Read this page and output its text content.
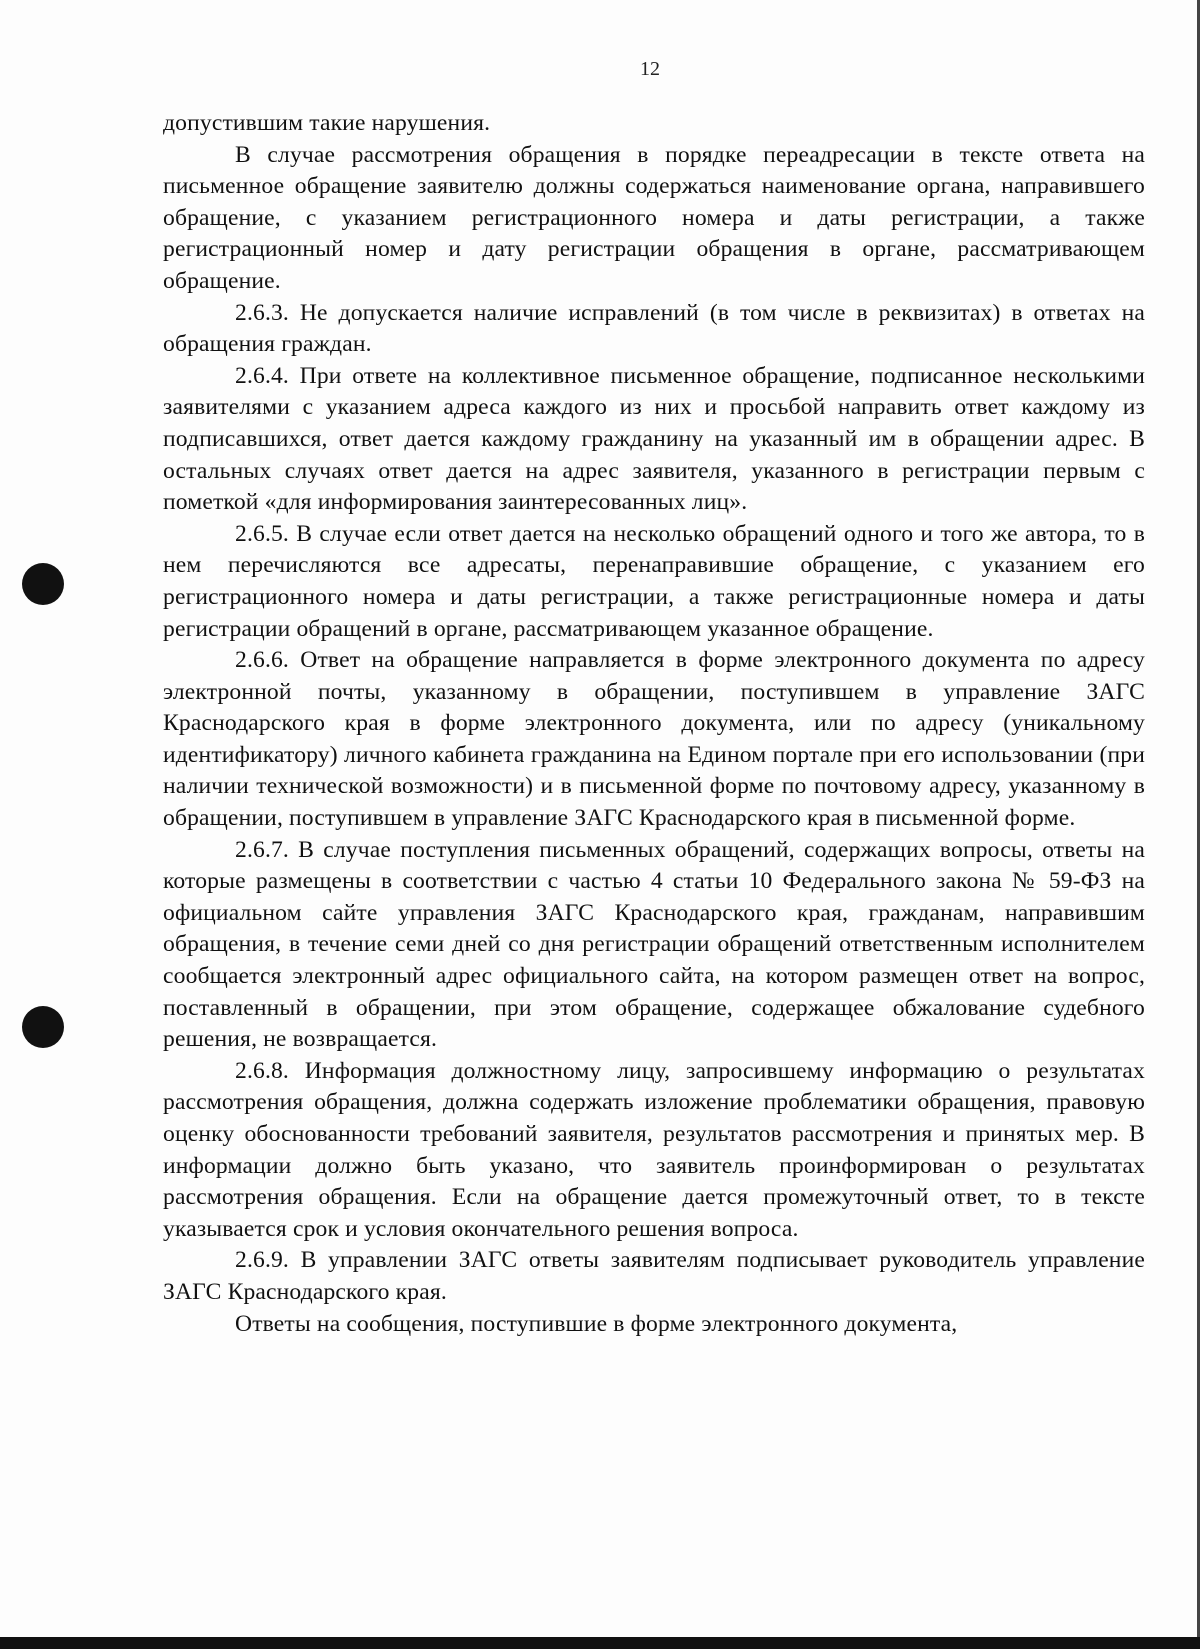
12

допустившим такие нарушения.

В случае рассмотрения обращения в порядке переадресации в тексте ответа на письменное обращение заявителю должны содержаться наименование органа, направившего обращение, с указанием регистрационного номера и даты регистрации, а также регистрационный номер и дату регистрации обращения в органе, рассматривающем обращение.

2.6.3. Не допускается наличие исправлений (в том числе в реквизитах) в ответах на обращения граждан.

2.6.4. При ответе на коллективное письменное обращение, подписанное несколькими заявителями с указанием адреса каждого из них и просьбой направить ответ каждому из подписавшихся, ответ дается каждому гражданину на указанный им в обращении адрес. В остальных случаях ответ дается на адрес заявителя, указанного в регистрации первым с пометкой «для информирования заинтересованных лиц».

2.6.5. В случае если ответ дается на несколько обращений одного и того же автора, то в нем перечисляются все адресаты, перенаправившие обращение, с указанием его регистрационного номера и даты регистрации, а также регистрационные номера и даты регистрации обращений в органе, рассматривающем указанное обращение.

2.6.6. Ответ на обращение направляется в форме электронного документа по адресу электронной почты, указанному в обращении, поступившем в управление ЗАГС Краснодарского края в форме электронного документа, или по адресу (уникальному идентификатору) личного кабинета гражданина на Едином портале при его использовании (при наличии технической возможности) и в письменной форме по почтовому адресу, указанному в обращении, поступившем в управление ЗАГС Краснодарского края в письменной форме.

2.6.7. В случае поступления письменных обращений, содержащих вопросы, ответы на которые размещены в соответствии с частью 4 статьи 10 Федерального закона № 59-ФЗ на официальном сайте управления ЗАГС Краснодарского края, гражданам, направившим обращения, в течение семи дней со дня регистрации обращений ответственным исполнителем сообщается электронный адрес официального сайта, на котором размещен ответ на вопрос, поставленный в обращении, при этом обращение, содержащее обжалование судебного решения, не возвращается.

2.6.8. Информация должностному лицу, запросившему информацию о результатах рассмотрения обращения, должна содержать изложение проблематики обращения, правовую оценку обоснованности требований заявителя, результатов рассмотрения и принятых мер. В информации должно быть указано, что заявитель проинформирован о результатах рассмотрения обращения. Если на обращение дается промежуточный ответ, то в тексте указывается срок и условия окончательного решения вопроса.

2.6.9. В управлении ЗАГС ответы заявителям подписывает руководитель управление ЗАГС Краснодарского края.

Ответы на сообщения, поступившие в форме электронного документа,
